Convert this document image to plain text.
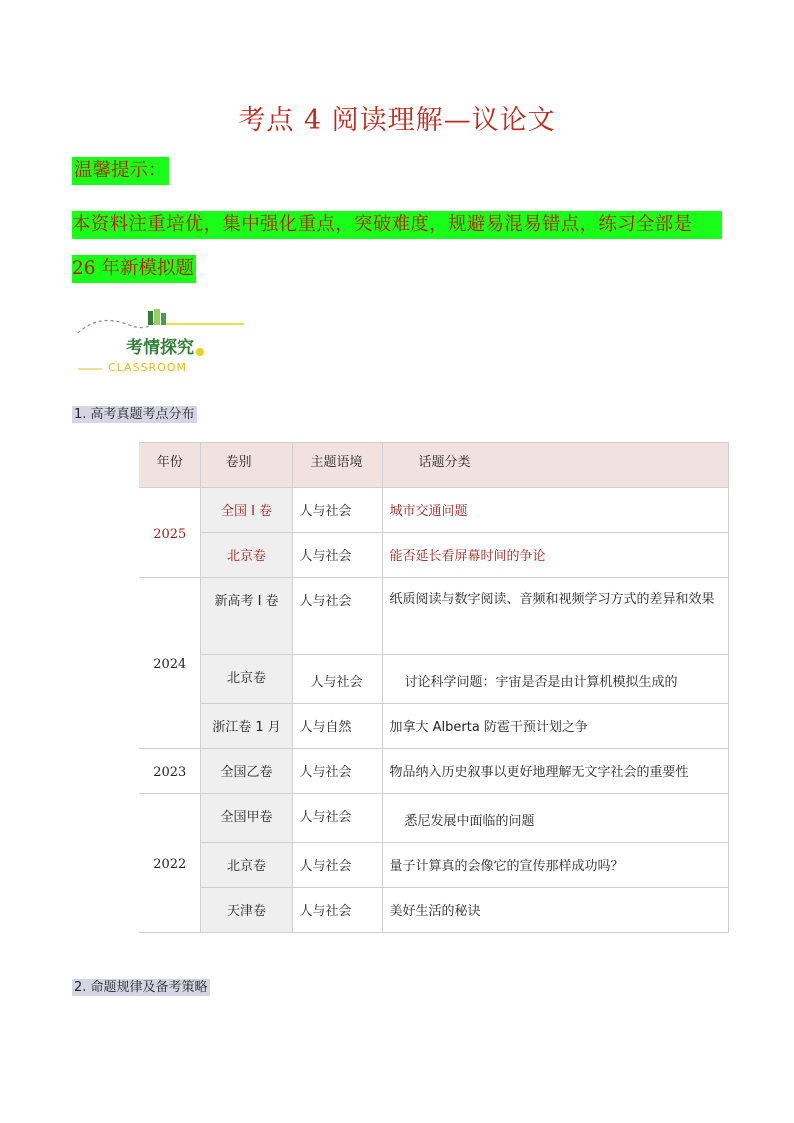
考点 4 阅读理解—议论文
温馨提示：
本资料注重培优，集中强化重点，突破难度，规避易混易错点，练习全部是
26 年新模拟题
考情探究
CLASSROOM
1. 高考真题考点分布
年份	卷别	主题语境	话题分类
2025	全国 I 卷	人与社会	城市交通问题
	北京卷	人与社会	能否延长看屏幕时间的争论
2024	新高考 I 卷	人与社会	纸质阅读与数字阅读、音频和视频学习方式的差异和效果
	北京卷	人与社会	讨论科学问题：宇宙是否是由计算机模拟生成的
	浙江卷 1 月	人与自然	加拿大 Alberta 防雹干预计划之争
2023	全国乙卷	人与社会	物品纳入历史叙事以更好地理解无文字社会的重要性
2022	全国甲卷	人与社会	悉尼发展中面临的问题
	北京卷	人与社会	量子计算真的会像它的宣传那样成功吗？
	天津卷	人与社会	美好生活的秘诀
2. 命题规律及备考策略
